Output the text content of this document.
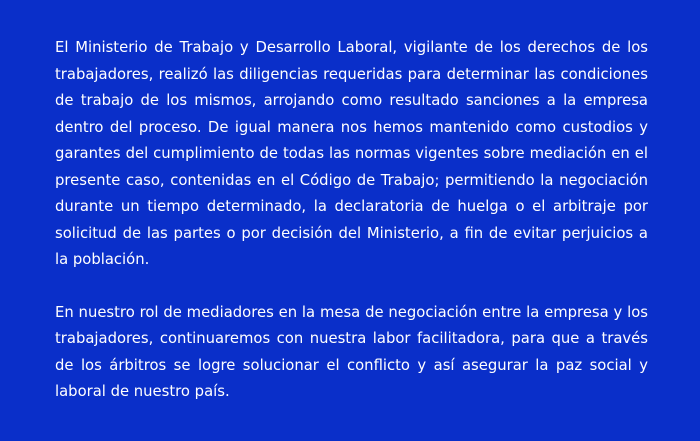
El Ministerio de Trabajo y Desarrollo Laboral, vigilante de los derechos de los trabajadores, realizó las diligencias requeridas para determinar las condiciones de trabajo de los mismos, arrojando como resultado sanciones a la empresa dentro del proceso. De igual manera nos hemos mantenido como custodios y garantes del cumplimiento de todas las normas vigentes sobre mediación en el presente caso, contenidas en el Código de Trabajo; permitiendo la negociación durante un tiempo determinado, la declaratoria de huelga o el arbitraje por solicitud de las partes o por decisión del Ministerio, a fin de evitar perjuicios a la población.

En nuestro rol de mediadores en la mesa de negociación entre la empresa y los trabajadores, continuaremos con nuestra labor facilitadora, para que a través de los árbitros se logre solucionar el conflicto y así asegurar la paz social y laboral de nuestro país.
